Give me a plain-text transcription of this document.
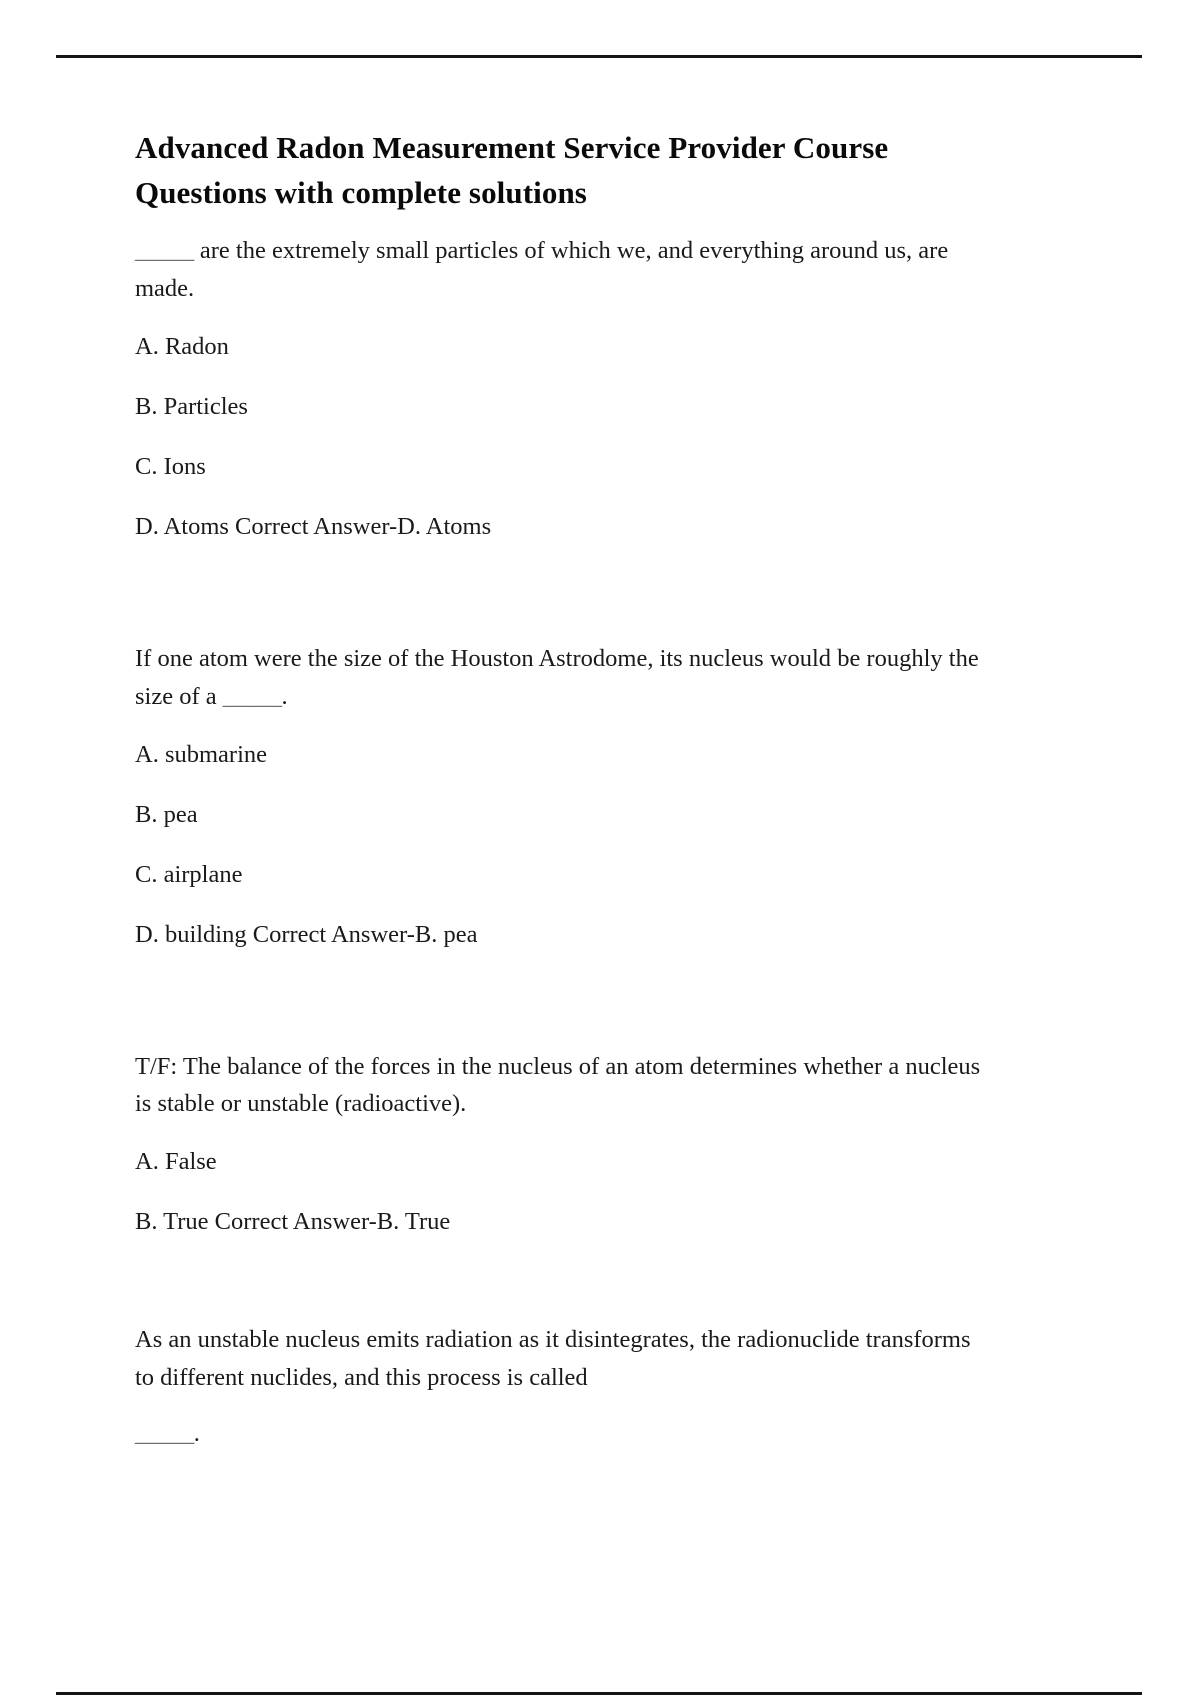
Advanced Radon Measurement Service Provider Course Questions with complete solutions

_____ are the extremely small particles of which we, and everything around us, are made.

A. Radon

B. Particles

C. Ions

D. Atoms Correct Answer-D. Atoms

If one atom were the size of the Houston Astrodome, its nucleus would be roughly the size of a _____.

A. submarine

B. pea

C. airplane

D. building Correct Answer-B. pea

T/F: The balance of the forces in the nucleus of an atom determines whether a nucleus is stable or unstable (radioactive).

A. False

B. True Correct Answer-B. True

As an unstable nucleus emits radiation as it disintegrates, the radionuclide transforms to different nuclides, and this process is called

_____.
